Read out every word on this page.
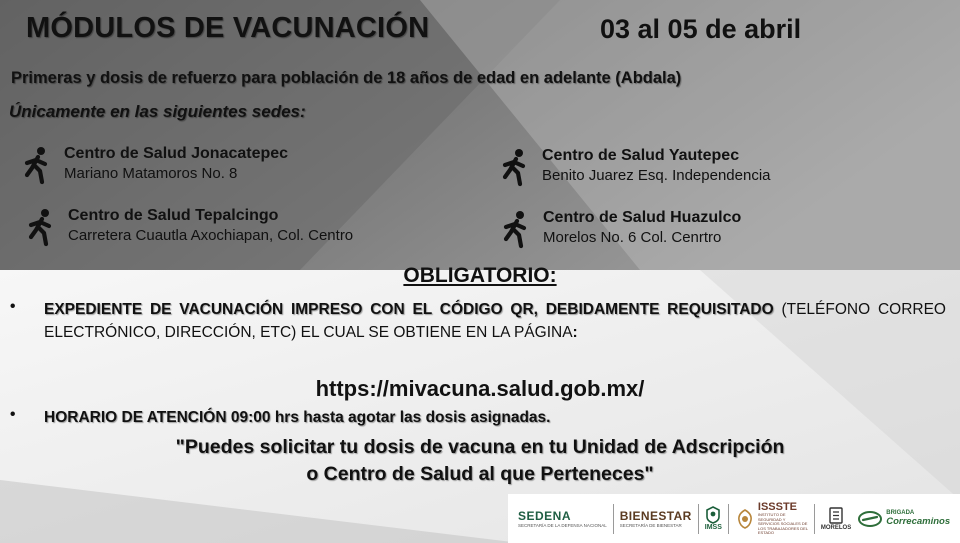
MÓDULOS DE VACUNACIÓN	03 al 05 de abril
Primeras y dosis de refuerzo para población de 18 años de edad en adelante (Abdala)
Únicamente en las siguientes sedes:
Centro de Salud Jonacatepec
Mariano Matamoros No. 8
Centro de Salud Yautepec
Benito Juarez Esq. Independencia
Centro de Salud Tepalcingo
Carretera Cuautla Axochiapan, Col. Centro
Centro de Salud Huazulco
Morelos No. 6 Col. Cenrtro
OBLIGATORIO:
• EXPEDIENTE DE VACUNACIÓN IMPRESO CON EL CÓDIGO QR, DEBIDAMENTE REQUISITADO (TELÉFONO CORREO ELECTRÓNICO, DIRECCIÓN, ETC) EL CUAL SE OBTIENE EN LA PÁGINA:
https://mivacuna.salud.gob.mx/
• HORARIO DE ATENCIÓN 09:00 hrs hasta agotar las dosis asignadas.
"Puedes solicitar tu dosis de vacuna en tu Unidad de Adscripción
o Centro de Salud al que Perteneces"
SEDENA
SECRETARÍA DE LA DEFENSA NACIONAL
BIENESTAR
SECRETARÍA DE BIENESTAR	IMSS
ISSSTE
INSTITUTO DE SEGURIDAD Y SERVICIOS SOCIALES DE LOS TRABAJADORES DEL ESTADO
MORELOS
BRIGADA
Correcaminos
